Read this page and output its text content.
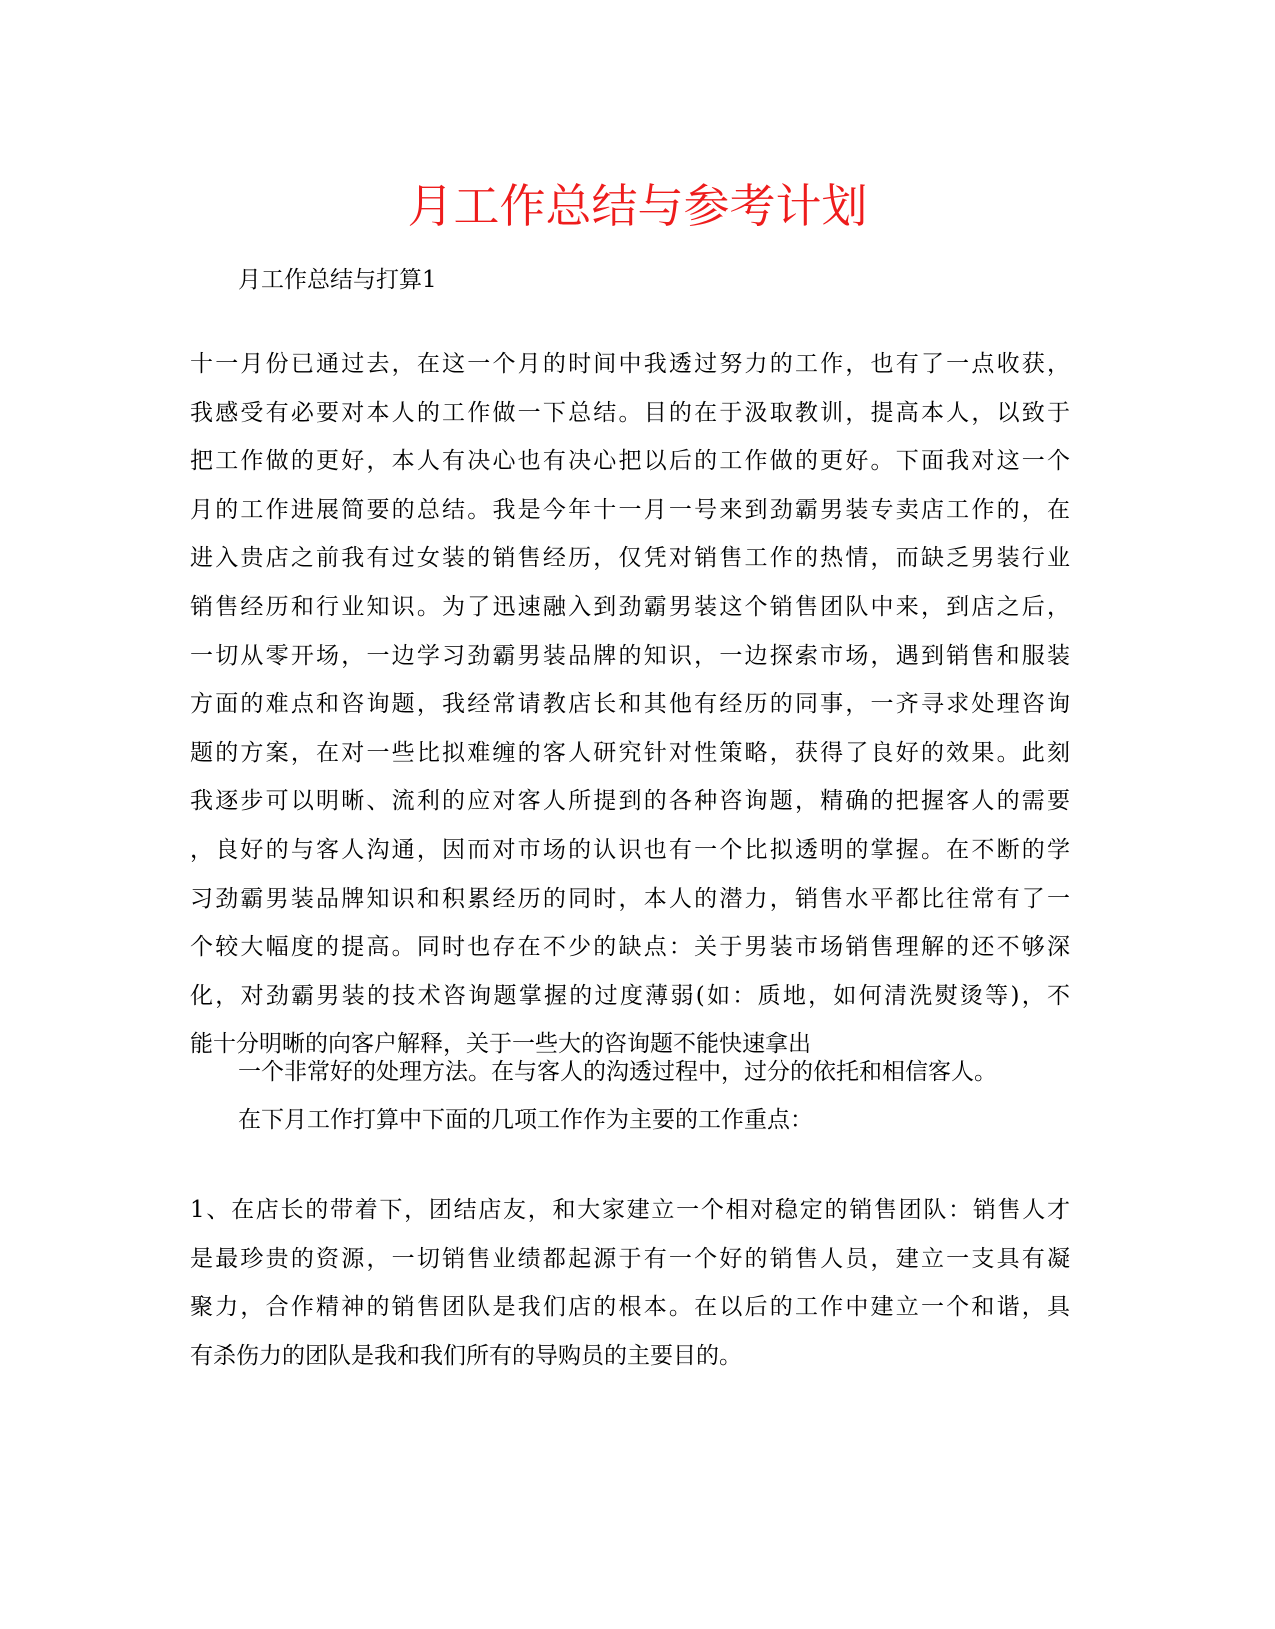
月工作总结与参考计划
月工作总结与打算1
十一月份已通过去，在这一个月的时间中我透过努力的工作，也有了一点收获，
我感受有必要对本人的工作做一下总结。目的在于汲取教训，提高本人，以致于
把工作做的更好，本人有决心也有决心把以后的工作做的更好。下面我对这一个
月的工作进展简要的总结。我是今年十一月一号来到劲霸男装专卖店工作的，在
进入贵店之前我有过女装的销售经历，仅凭对销售工作的热情，而缺乏男装行业
销售经历和行业知识。为了迅速融入到劲霸男装这个销售团队中来，到店之后，
一切从零开场，一边学习劲霸男装品牌的知识，一边探索市场，遇到销售和服装
方面的难点和咨询题，我经常请教店长和其他有经历的同事，一齐寻求处理咨询
题的方案，在对一些比拟难缠的客人研究针对性策略，获得了良好的效果。此刻
我逐步可以明晰、流利的应对客人所提到的各种咨询题，精确的把握客人的需要
，良好的与客人沟通，因而对市场的认识也有一个比拟透明的掌握。在不断的学
习劲霸男装品牌知识和积累经历的同时，本人的潜力，销售水平都比往常有了一
个较大幅度的提高。同时也存在不少的缺点：关于男装市场销售理解的还不够深
化，对劲霸男装的技术咨询题掌握的过度薄弱(如：质地，如何清洗熨烫等)，不
能十分明晰的向客户解释，关于一些大的咨询题不能快速拿出
一个非常好的处理方法。在与客人的沟透过程中，过分的依托和相信客人。
在下月工作打算中下面的几项工作作为主要的工作重点：
1、在店长的带着下，团结店友，和大家建立一个相对稳定的销售团队：销售人才
是最珍贵的资源，一切销售业绩都起源于有一个好的销售人员，建立一支具有凝
聚力，合作精神的销售团队是我们店的根本。在以后的工作中建立一个和谐，具
有杀伤力的团队是我和我们所有的导购员的主要目的。
